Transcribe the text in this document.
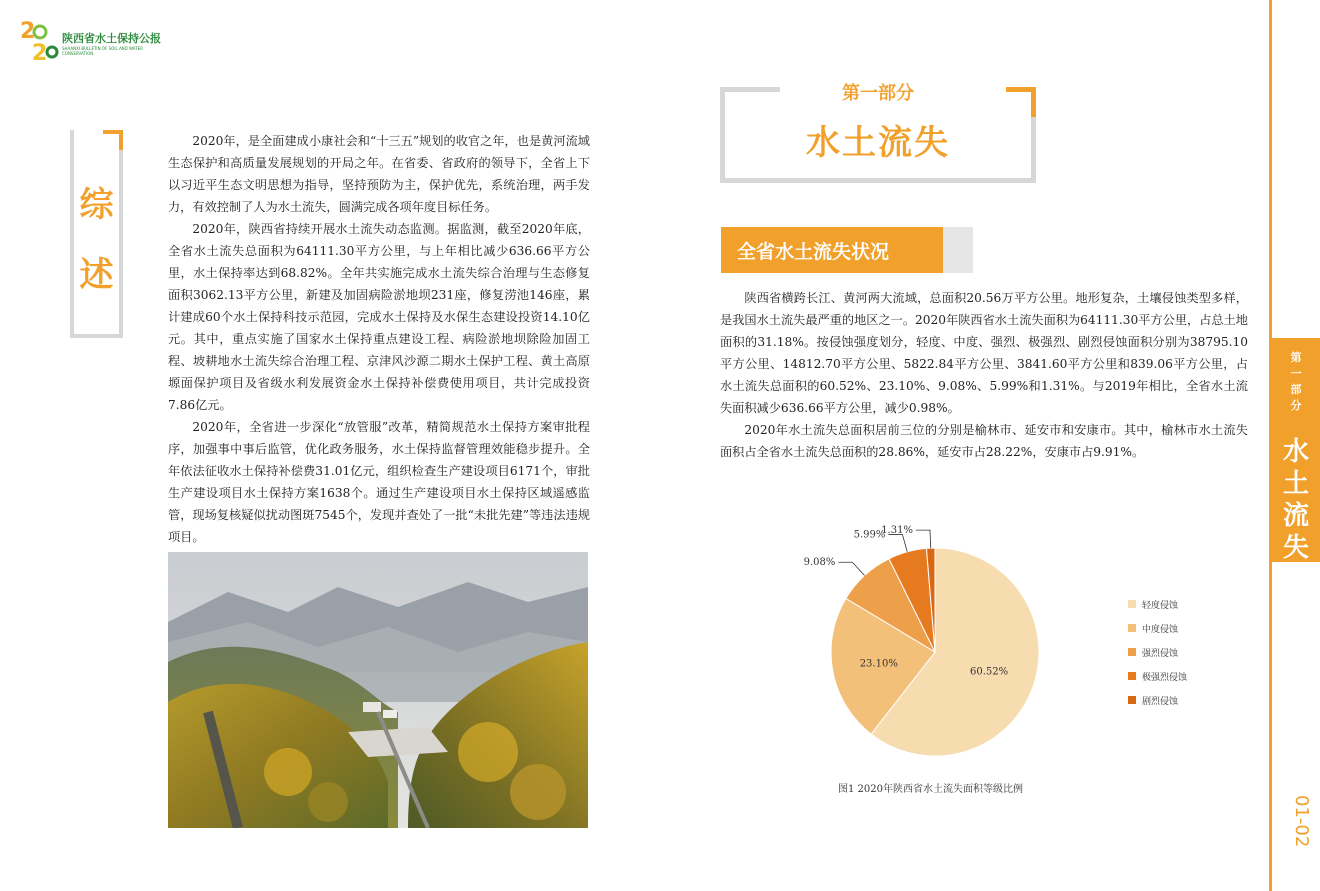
2
2
陕西省水土保持公报
SHAANXI BULLETIN OF SOIL AND WATER CONSERVATION
综
述

2020年，是全面建成小康社会和“十三五”规划的收官之年，也是黄河流域生态保护和高质量发展规划的开局之年。在省委、省政府的领导下，全省上下以习近平生态文明思想为指导，坚持预防为主，保护优先，系统治理，两手发力，有效控制了人为水土流失，圆满完成各项年度目标任务。

2020年，陕西省持续开展水土流失动态监测。据监测，截至2020年底，全省水土流失总面积为64111.30平方公里，与上年相比减少636.66平方公里，水土保持率达到68.82%。全年共实施完成水土流失综合治理与生态修复面积3062.13平方公里，新建及加固病险淤地坝231座，修复涝池146座，累计建成60个水土保持科技示范园，完成水土保持及水保生态建设投资14.10亿元。其中，重点实施了国家水土保持重点建设工程、病险淤地坝除险加固工程、坡耕地水土流失综合治理工程、京津风沙源二期水土保护工程、黄土高原塬面保护项目及省级水利发展资金水土保持补偿费使用项目，共计完成投资7.86亿元。

2020年，全省进一步深化“放管服”改革，精简规范水土保持方案审批程序，加强事中事后监管，优化政务服务，水土保持监督管理效能稳步提升。全年依法征收水土保持补偿费31.01亿元，组织检查生产建设项目6171个，审批生产建设项目水土保持方案1638个。通过生产建设项目水土保持区域遥感监管，现场复核疑似扰动图斑7545个，发现并查处了一批“未批先建”等违法违规项目。

第一部分
水土流失
全省水土流失状况

陕西省横跨长江、黄河两大流域，总面积20.56万平方公里。地形复杂，土壤侵蚀类型多样，是我国水土流失最严重的地区之一。2020年陕西省水土流失面积为64111.30平方公里，占总土地面积的31.18%。按侵蚀强度划分，轻度、中度、强烈、极强烈、剧烈侵蚀面积分别为38795.10平方公里、14812.70平方公里、5822.84平方公里、3841.60平方公里和839.06平方公里，占水土流失总面积的60.52%、23.10%、9.08%、5.99%和1.31%。与2019年相比，全省水土流失面积减少636.66平方公里，减少0.98%。

2020年水土流失总面积居前三位的分别是榆林市、延安市和安康市。其中，榆林市水土流失面积占全省水土流失总面积的28.86%，延安市占28.22%，安康市占9.91%。

60.52%
23.10%
9.08%
5.99%
1.31%
轻度侵蚀
中度侵蚀
强烈侵蚀
极强烈侵蚀
剧烈侵蚀
图1 2020年陕西省水土流失面积等级比例
第
一
部
分
水
土
流
失
01-02
